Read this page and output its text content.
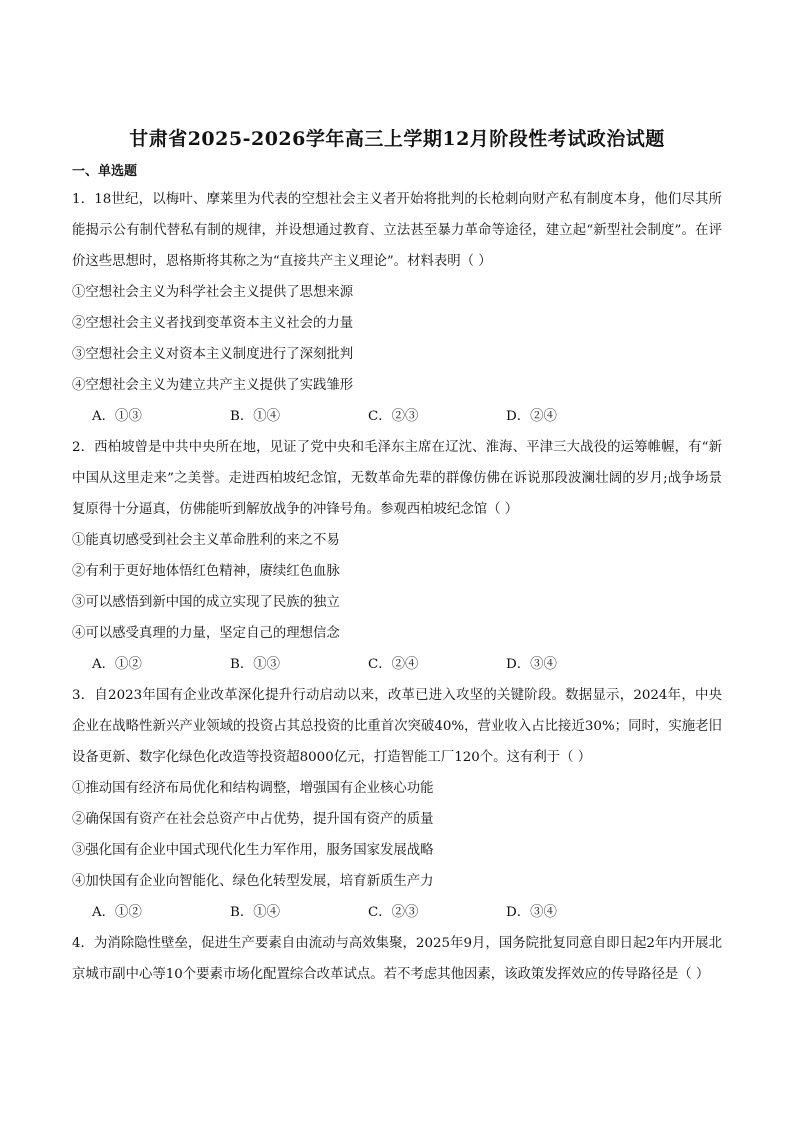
甘肃省2025-2026学年高三上学期12月阶段性考试政治试题
一、单选题

1．18世纪，以梅叶、摩莱里为代表的空想社会主义者开始将批判的长枪刺向财产私有制度本身，他们尽其所能揭示公有制代替私有制的规律，并设想通过教育、立法甚至暴力革命等途径，建立起“新型社会制度”。在评价这些思想时，恩格斯将其称之为“直接共产主义理论”。材料表明（ ）

①空想社会主义为科学社会主义提供了思想来源

②空想社会主义者找到变革资本主义社会的力量

③空想社会主义对资本主义制度进行了深刻批判

④空想社会主义为建立共产主义提供了实践雏形

A．①③	B．①④	C．②③	D．②④

2．西柏坡曾是中共中央所在地，见证了党中央和毛泽东主席在辽沈、淮海、平津三大战役的运筹帷幄，有“新中国从这里走来”之美誉。走进西柏坡纪念馆，无数革命先辈的群像仿佛在诉说那段波澜壮阔的岁月;战争场景复原得十分逼真，仿佛能听到解放战争的冲锋号角。参观西柏坡纪念馆（ ）

①能真切感受到社会主义革命胜利的来之不易

②有利于更好地体悟红色精神，赓续红色血脉

③可以感悟到新中国的成立实现了民族的独立

④可以感受真理的力量，坚定自己的理想信念

A．①②	B．①③	C．②④	D．③④

3．自2023年国有企业改革深化提升行动启动以来，改革已进入攻坚的关键阶段。数据显示，2024年，中央企业在战略性新兴产业领域的投资占其总投资的比重首次突破40%，营业收入占比接近30%；同时，实施老旧设备更新、数字化绿色化改造等投资超8000亿元，打造智能工厂120个。这有利于（ ）

①推动国有经济布局优化和结构调整，增强国有企业核心功能

②确保国有资产在社会总资产中占优势，提升国有资产的质量

③强化国有企业中国式现代化生力军作用，服务国家发展战略

④加快国有企业向智能化、绿色化转型发展，培育新质生产力

A．①②	B．①④	C．②③	D．③④

4．为消除隐性壁垒，促进生产要素自由流动与高效集聚，2025年9月，国务院批复同意自即日起2年内开展北京城市副中心等10个要素市场化配置综合改革试点。若不考虑其他因素，该政策发挥效应的传导路径是（ ）
